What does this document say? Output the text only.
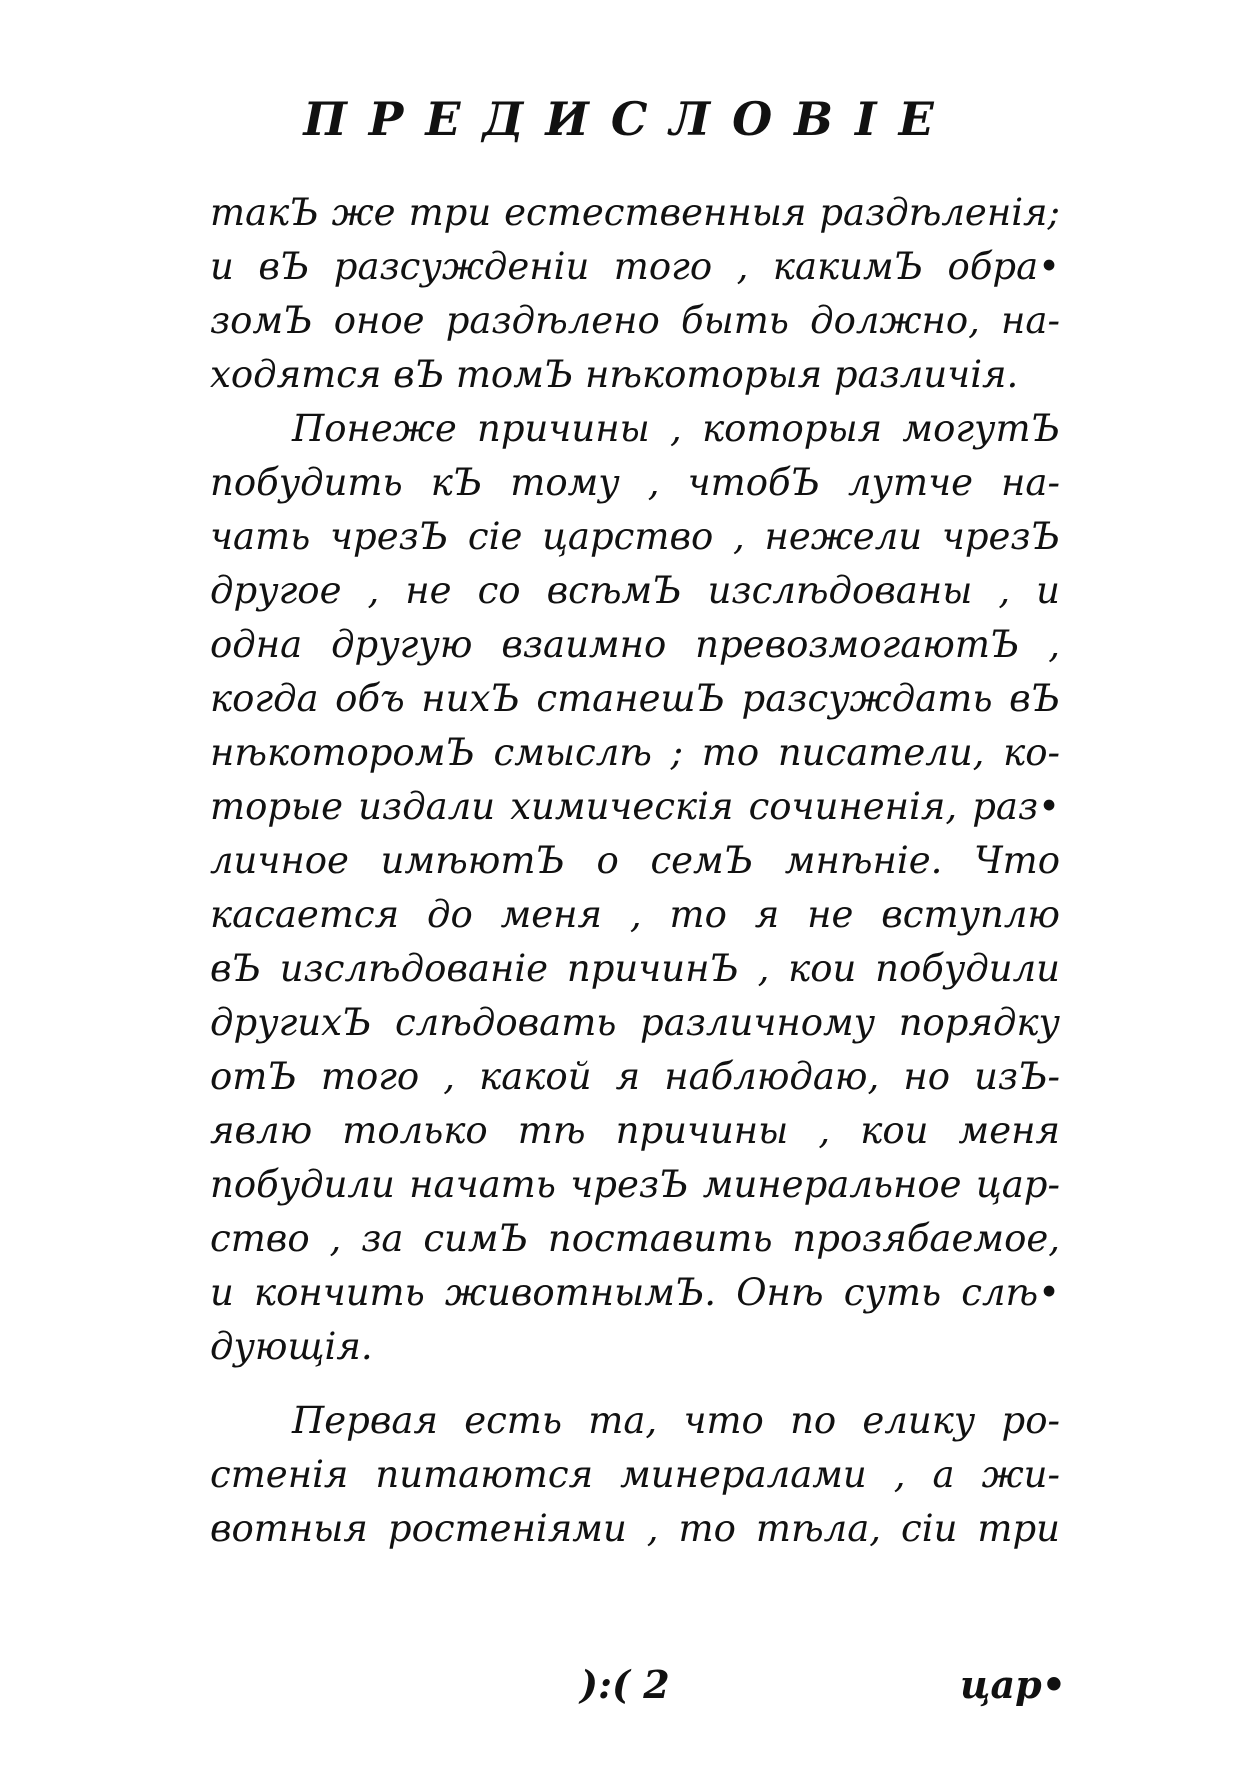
ПРЕДИСЛОВІЕ
такЪ же три естественныя раздѣленія;
и вЪ разсужденіи того , какимЪ обра•
зомЪ оное раздѣлено быть должно, на-
ходятся вЪ томЪ нѣкоторыя различія.
Понеже причины , которыя могутЪ
побудить кЪ тому , чтобЪ лутче на-
чать чрезЪ сіе царство , нежели чрезЪ
другое , не со всѣмЪ изслѣдованы , и
одна другую взаимно превозмогаютЪ ,
когда объ нихЪ станешЪ разсуждать вЪ
нѣкоторомЪ смыслѣ ; то писатели, ко-
торые издали химическія сочиненія, раз•
личное имѣютЪ о семЪ мнѣніе. Что
касается до меня , то я не вступлю
вЪ изслѣдованіе причинЪ , кои побудили
другихЪ слѣдовать различному порядку
отЪ того , какой я наблюдаю, но изЪ-
явлю только тѣ причины , кои меня
побудили начать чрезЪ минеральное цар-
ство , за симЪ поставить прозябаемое,
и кончить животнымЪ. Онѣ суть слѣ•
дующія.
Первая есть та, что по елику ро-
стенія питаются минералами , а жи-
вотныя ростеніями , то тѣла, сіи три
):( 2	цар•
